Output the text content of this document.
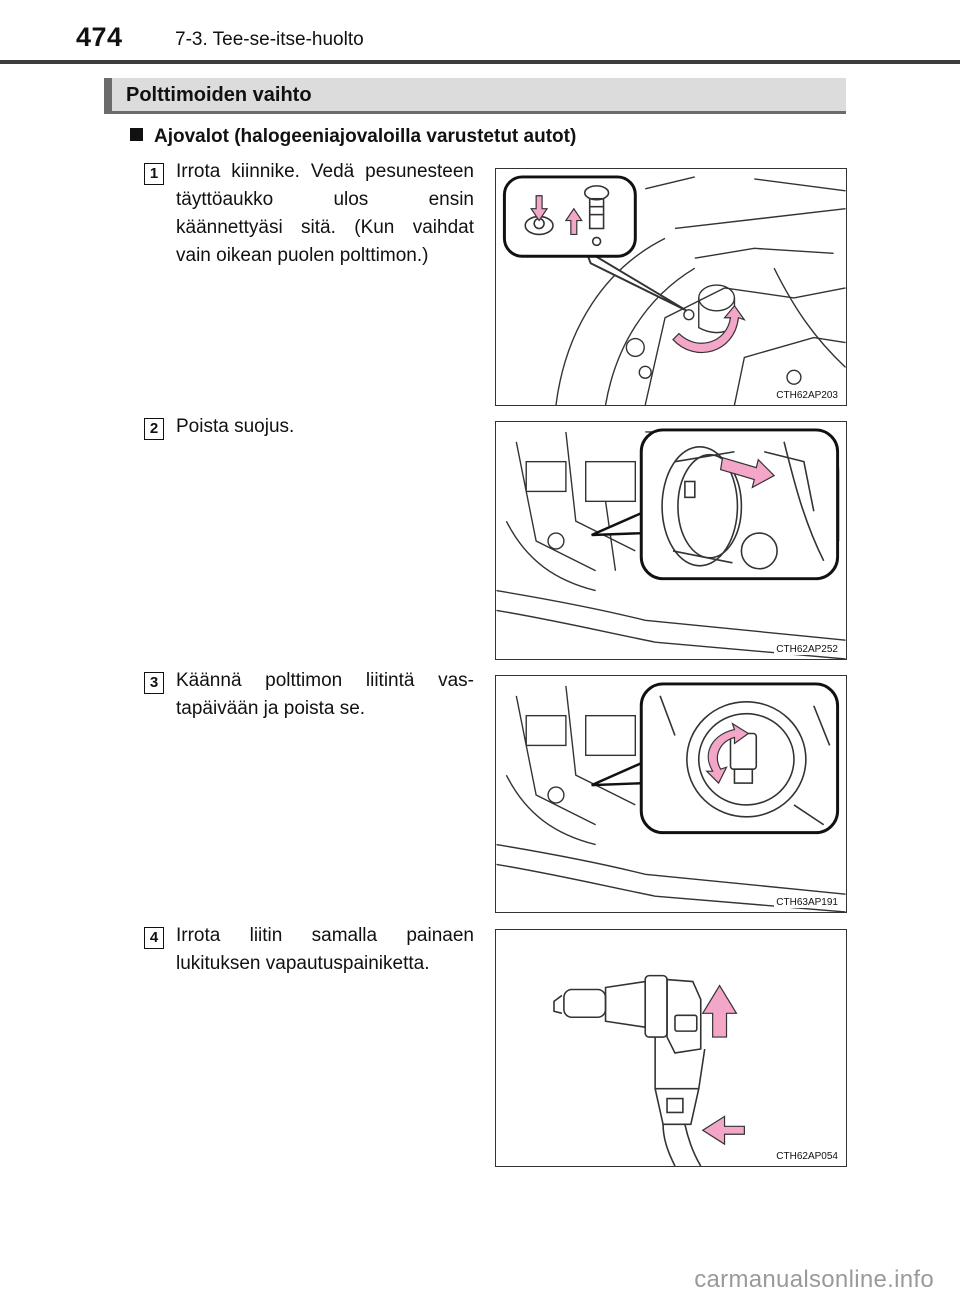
474	7-3. Tee-se-itse-huolto
Polttimoiden vaihto
Ajovalot (halogeeniajovaloilla varustetut autot)
1 Irrota kiinnike. Vedä pesunesteen täyttöaukko ulos ensin käännettyäsi sitä. (Kun vaihdat vain oikean puolen polttimon.)

CTH62AP203
2 Poista suojus.

CTH62AP252
3 Käännä polttimon liitintä vastapäivään ja poista se.

CTH63AP191
4 Irrota liitin samalla painaen lukituksen vapautuspainiketta.

CTH62AP054
carmanualsonline.info
